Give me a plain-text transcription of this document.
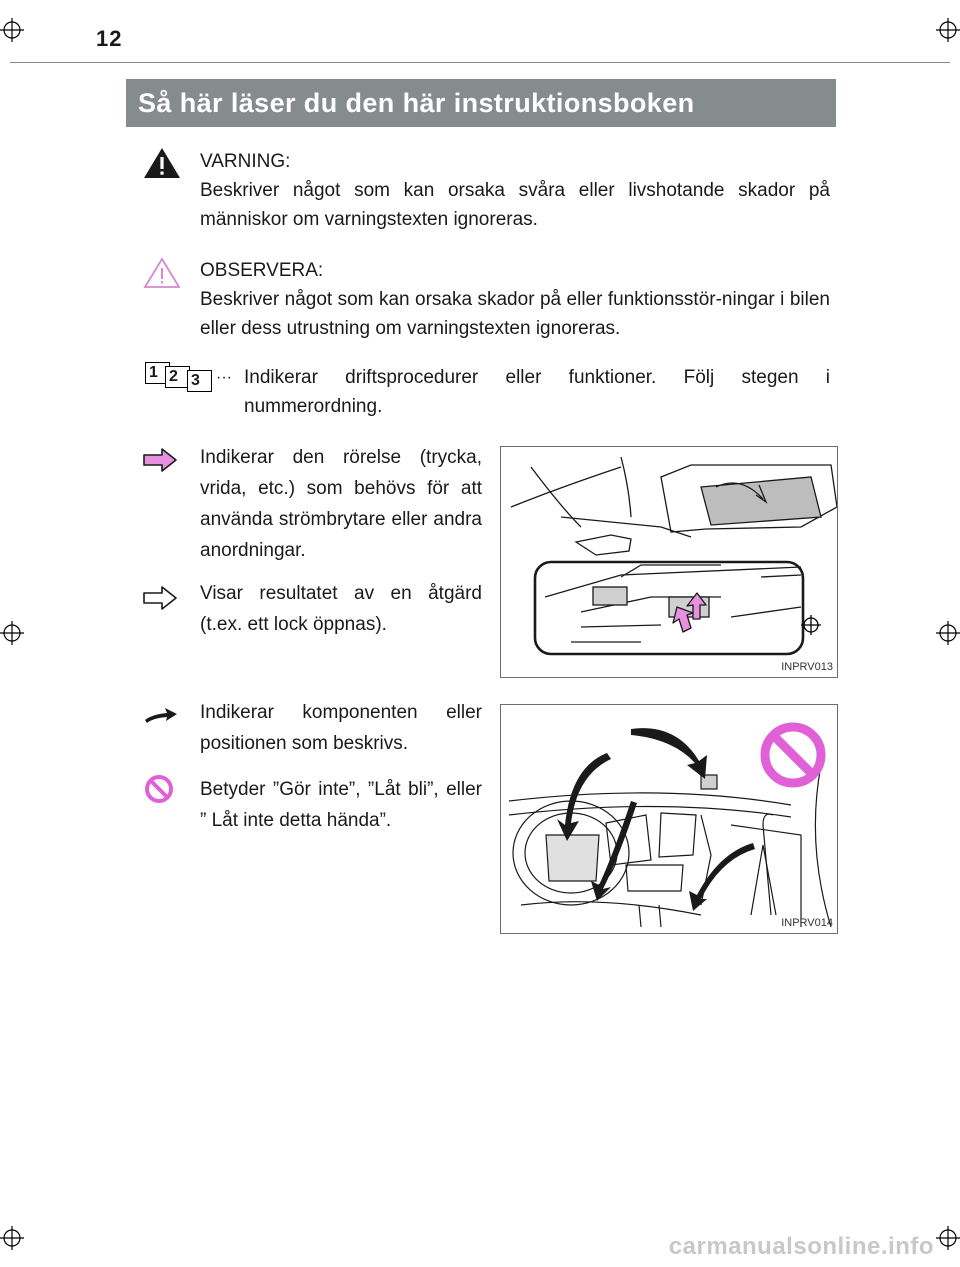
12
Så här läser du den här instruktionsboken
VARNING:
Beskriver något som kan orsaka svåra eller livshotande skador på människor om varningstexten ignoreras.
OBSERVERA:
Beskriver något som kan orsaka skador på eller funktionsstör-ningar i bilen eller dess utrustning om varningstexten ignoreras.
1 2 3	··· Indikerar driftsprocedurer eller funktioner. Följ stegen i nummerordning.
Indikerar den rörelse (trycka, vrida, etc.) som behövs för att använda strömbrytare eller andra anordningar.
Visar resultatet av en åtgärd (t.ex. ett lock öppnas).
INPRV013
Indikerar komponenten eller positionen som beskrivs.
Betyder ”Gör inte”, ”Låt bli”, eller ” Låt inte detta hända”.
INPRV014
carmanualsonline.info
